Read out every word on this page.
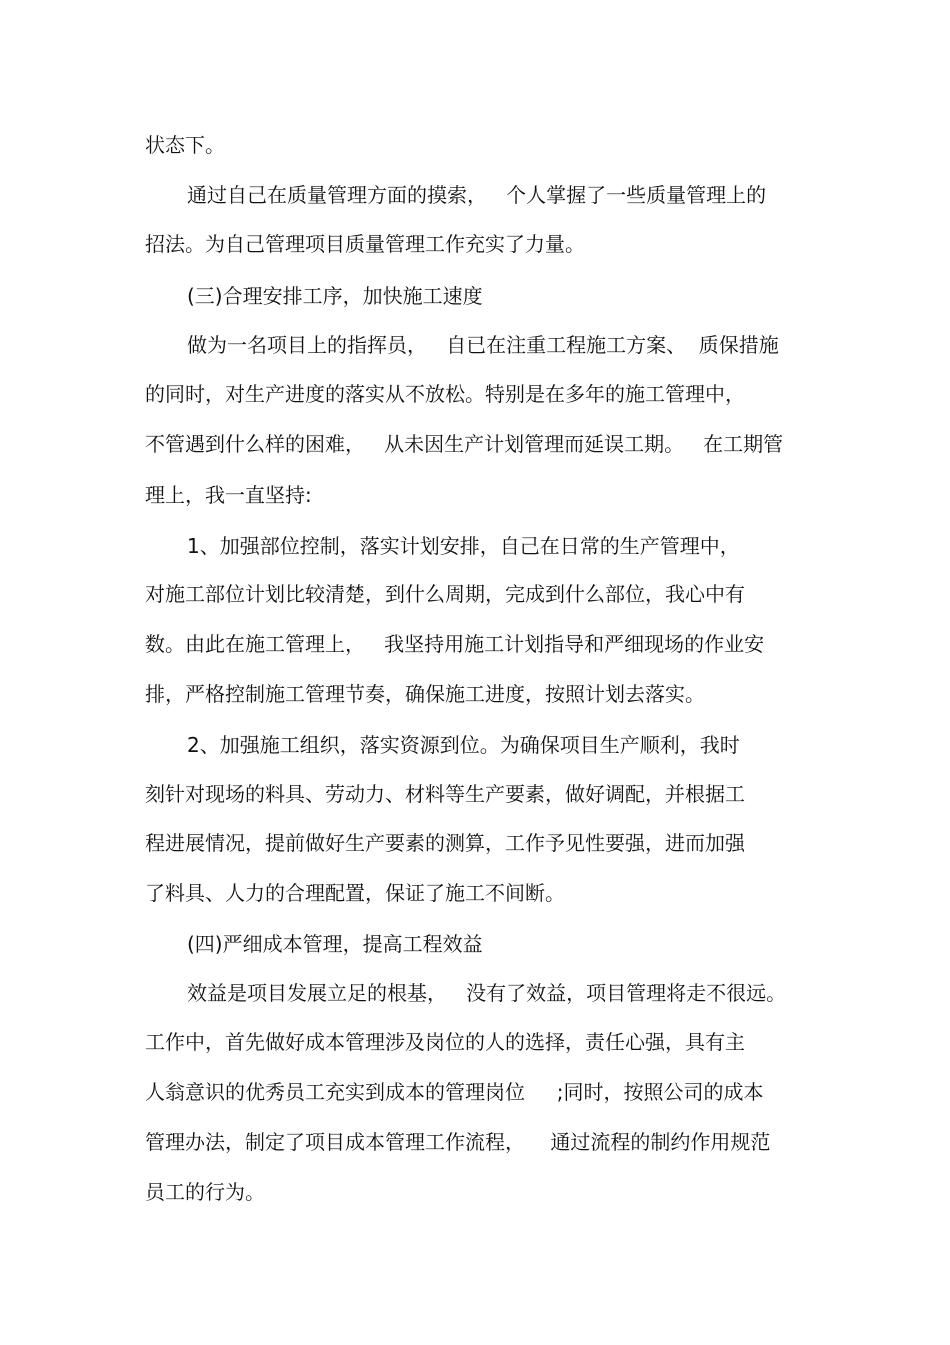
状态下。
通过自己在质量管理方面的摸索，   个人掌握了一些质量管理上的
招法。为自己管理项目质量管理工作充实了力量。
(三)合理安排工序，加快施工速度
做为一名项目上的指挥员，   自已在注重工程施工方案、  质保措施
的同时，对生产进度的落实从不放松。特别是在多年的施工管理中，
不管遇到什么样的困难，   从未因生产计划管理而延误工期。   在工期管
理上，我一直坚持:
1、加强部位控制，落实计划安排，自己在日常的生产管理中，
对施工部位计划比较清楚，到什么周期，完成到什么部位，我心中有
数。由此在施工管理上，   我坚持用施工计划指导和严细现场的作业安
排，严格控制施工管理节奏，确保施工进度，按照计划去落实。
2、加强施工组织，落实资源到位。为确保项目生产顺利，我时
刻针对现场的料具、劳动力、材料等生产要素，做好调配，并根据工
程进展情况，提前做好生产要素的测算，工作予见性要强，进而加强
了料具、人力的合理配置，保证了施工不间断。
(四)严细成本管理，提高工程效益
效益是项目发展立足的根基，   没有了效益，项目管理将走不很远。
工作中，首先做好成本管理涉及岗位的人的选择，责任心强，具有主
人翁意识的优秀员工充实到成本的管理岗位     ;同时，按照公司的成本
管理办法，制定了项目成本管理工作流程，    通过流程的制约作用规范
员工的行为。
